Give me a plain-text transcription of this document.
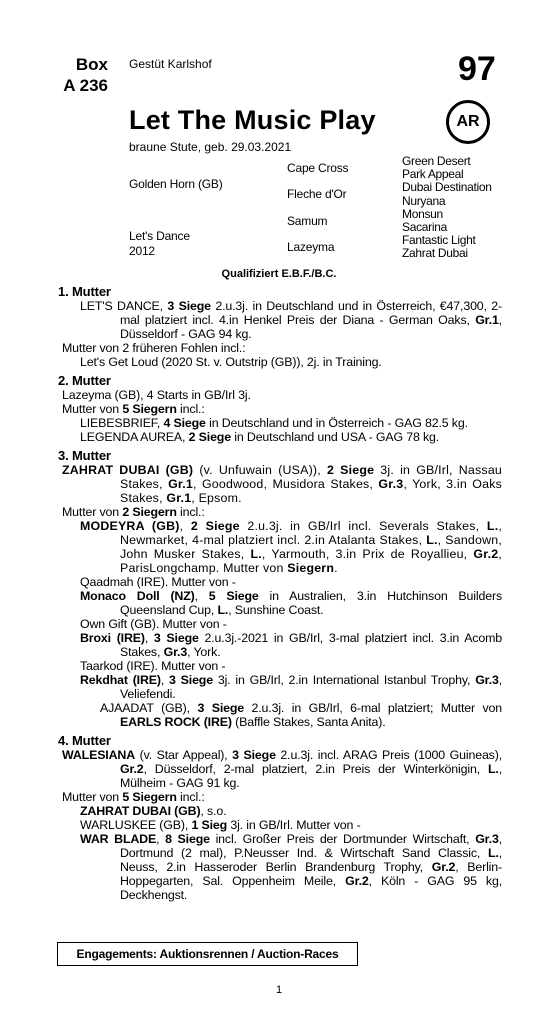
Box
A 236
Gestüt Karlshof	97
Let The Music Play	AR
braune Stute, geb. 29.03.2021
Golden Horn (GB)
Let's Dance
2012
Cape Cross
Fleche d'Or
Samum
Lazeyma
Green Desert
Park Appeal
Dubai Destination
Nuryana
Monsun
Sacarina
Fantastic Light
Zahrat Dubai
Qualifiziert E.B.F./B.C.
1. Mutter
LET'S DANCE, 3 Siege 2.u.3j. in Deutschland und in Österreich, €47,300, 2-mal platziert incl. 4.in Henkel Preis der Diana - German Oaks, Gr.1, Düsseldorf - GAG 94 kg.
Mutter von 2 früheren Fohlen incl.:
Let's Get Loud (2020 St. v. Outstrip (GB)), 2j. in Training.
2. Mutter
Lazeyma (GB), 4 Starts in GB/Irl 3j.
Mutter von 5 Siegern incl.:
LIEBESBRIEF, 4 Siege in Deutschland und in Österreich - GAG 82.5 kg.
LEGENDA AUREA, 2 Siege in Deutschland und USA - GAG 78 kg.
3. Mutter
ZAHRAT DUBAI (GB) (v. Unfuwain (USA)), 2 Siege 3j. in GB/Irl, Nassau Stakes, Gr.1, Goodwood, Musidora Stakes, Gr.3, York, 3.in Oaks Stakes, Gr.1, Epsom.
Mutter von 2 Siegern incl.:
MODEYRA (GB), 2 Siege 2.u.3j. in GB/Irl incl. Severals Stakes, L., Newmarket, 4-mal platziert incl. 2.in Atalanta Stakes, L., Sandown, John Musker Stakes, L., Yarmouth, 3.in Prix de Royallieu, Gr.2, ParisLongchamp. Mutter von Siegern.
Qaadmah (IRE). Mutter von -
Monaco Doll (NZ), 5 Siege in Australien, 3.in Hutchinson Builders Queensland Cup, L., Sunshine Coast.
Own Gift (GB). Mutter von -
Broxi (IRE), 3 Siege 2.u.3j.-2021 in GB/Irl, 3-mal platziert incl. 3.in Acomb Stakes, Gr.3, York.
Taarkod (IRE). Mutter von -
Rekdhat (IRE), 3 Siege 3j. in GB/Irl, 2.in International Istanbul Trophy, Gr.3, Veliefendi.
AJAADAT (GB), 3 Siege 2.u.3j. in GB/Irl, 6-mal platziert; Mutter von EARLS ROCK (IRE) (Baffle Stakes, Santa Anita).
4. Mutter
WALESIANA (v. Star Appeal), 3 Siege 2.u.3j. incl. ARAG Preis (1000 Guineas), Gr.2, Düsseldorf, 2-mal platziert, 2.in Preis der Winterkönigin, L., Mülheim - GAG 91 kg.
Mutter von 5 Siegern incl.:
ZAHRAT DUBAI (GB), s.o.
WARLUSKEE (GB), 1 Sieg 3j. in GB/Irl. Mutter von -
WAR BLADE, 8 Siege incl. Großer Preis der Dortmunder Wirtschaft, Gr.3, Dortmund (2 mal), P.Neusser Ind. & Wirtschaft Sand Classic, L., Neuss, 2.in Hasseroder Berlin Brandenburg Trophy, Gr.2, Berlin-Hoppegarten, Sal. Oppenheim Meile, Gr.2, Köln - GAG 95 kg, Deckhengst.
Engagements: Auktionsrennen / Auction-Races
1
